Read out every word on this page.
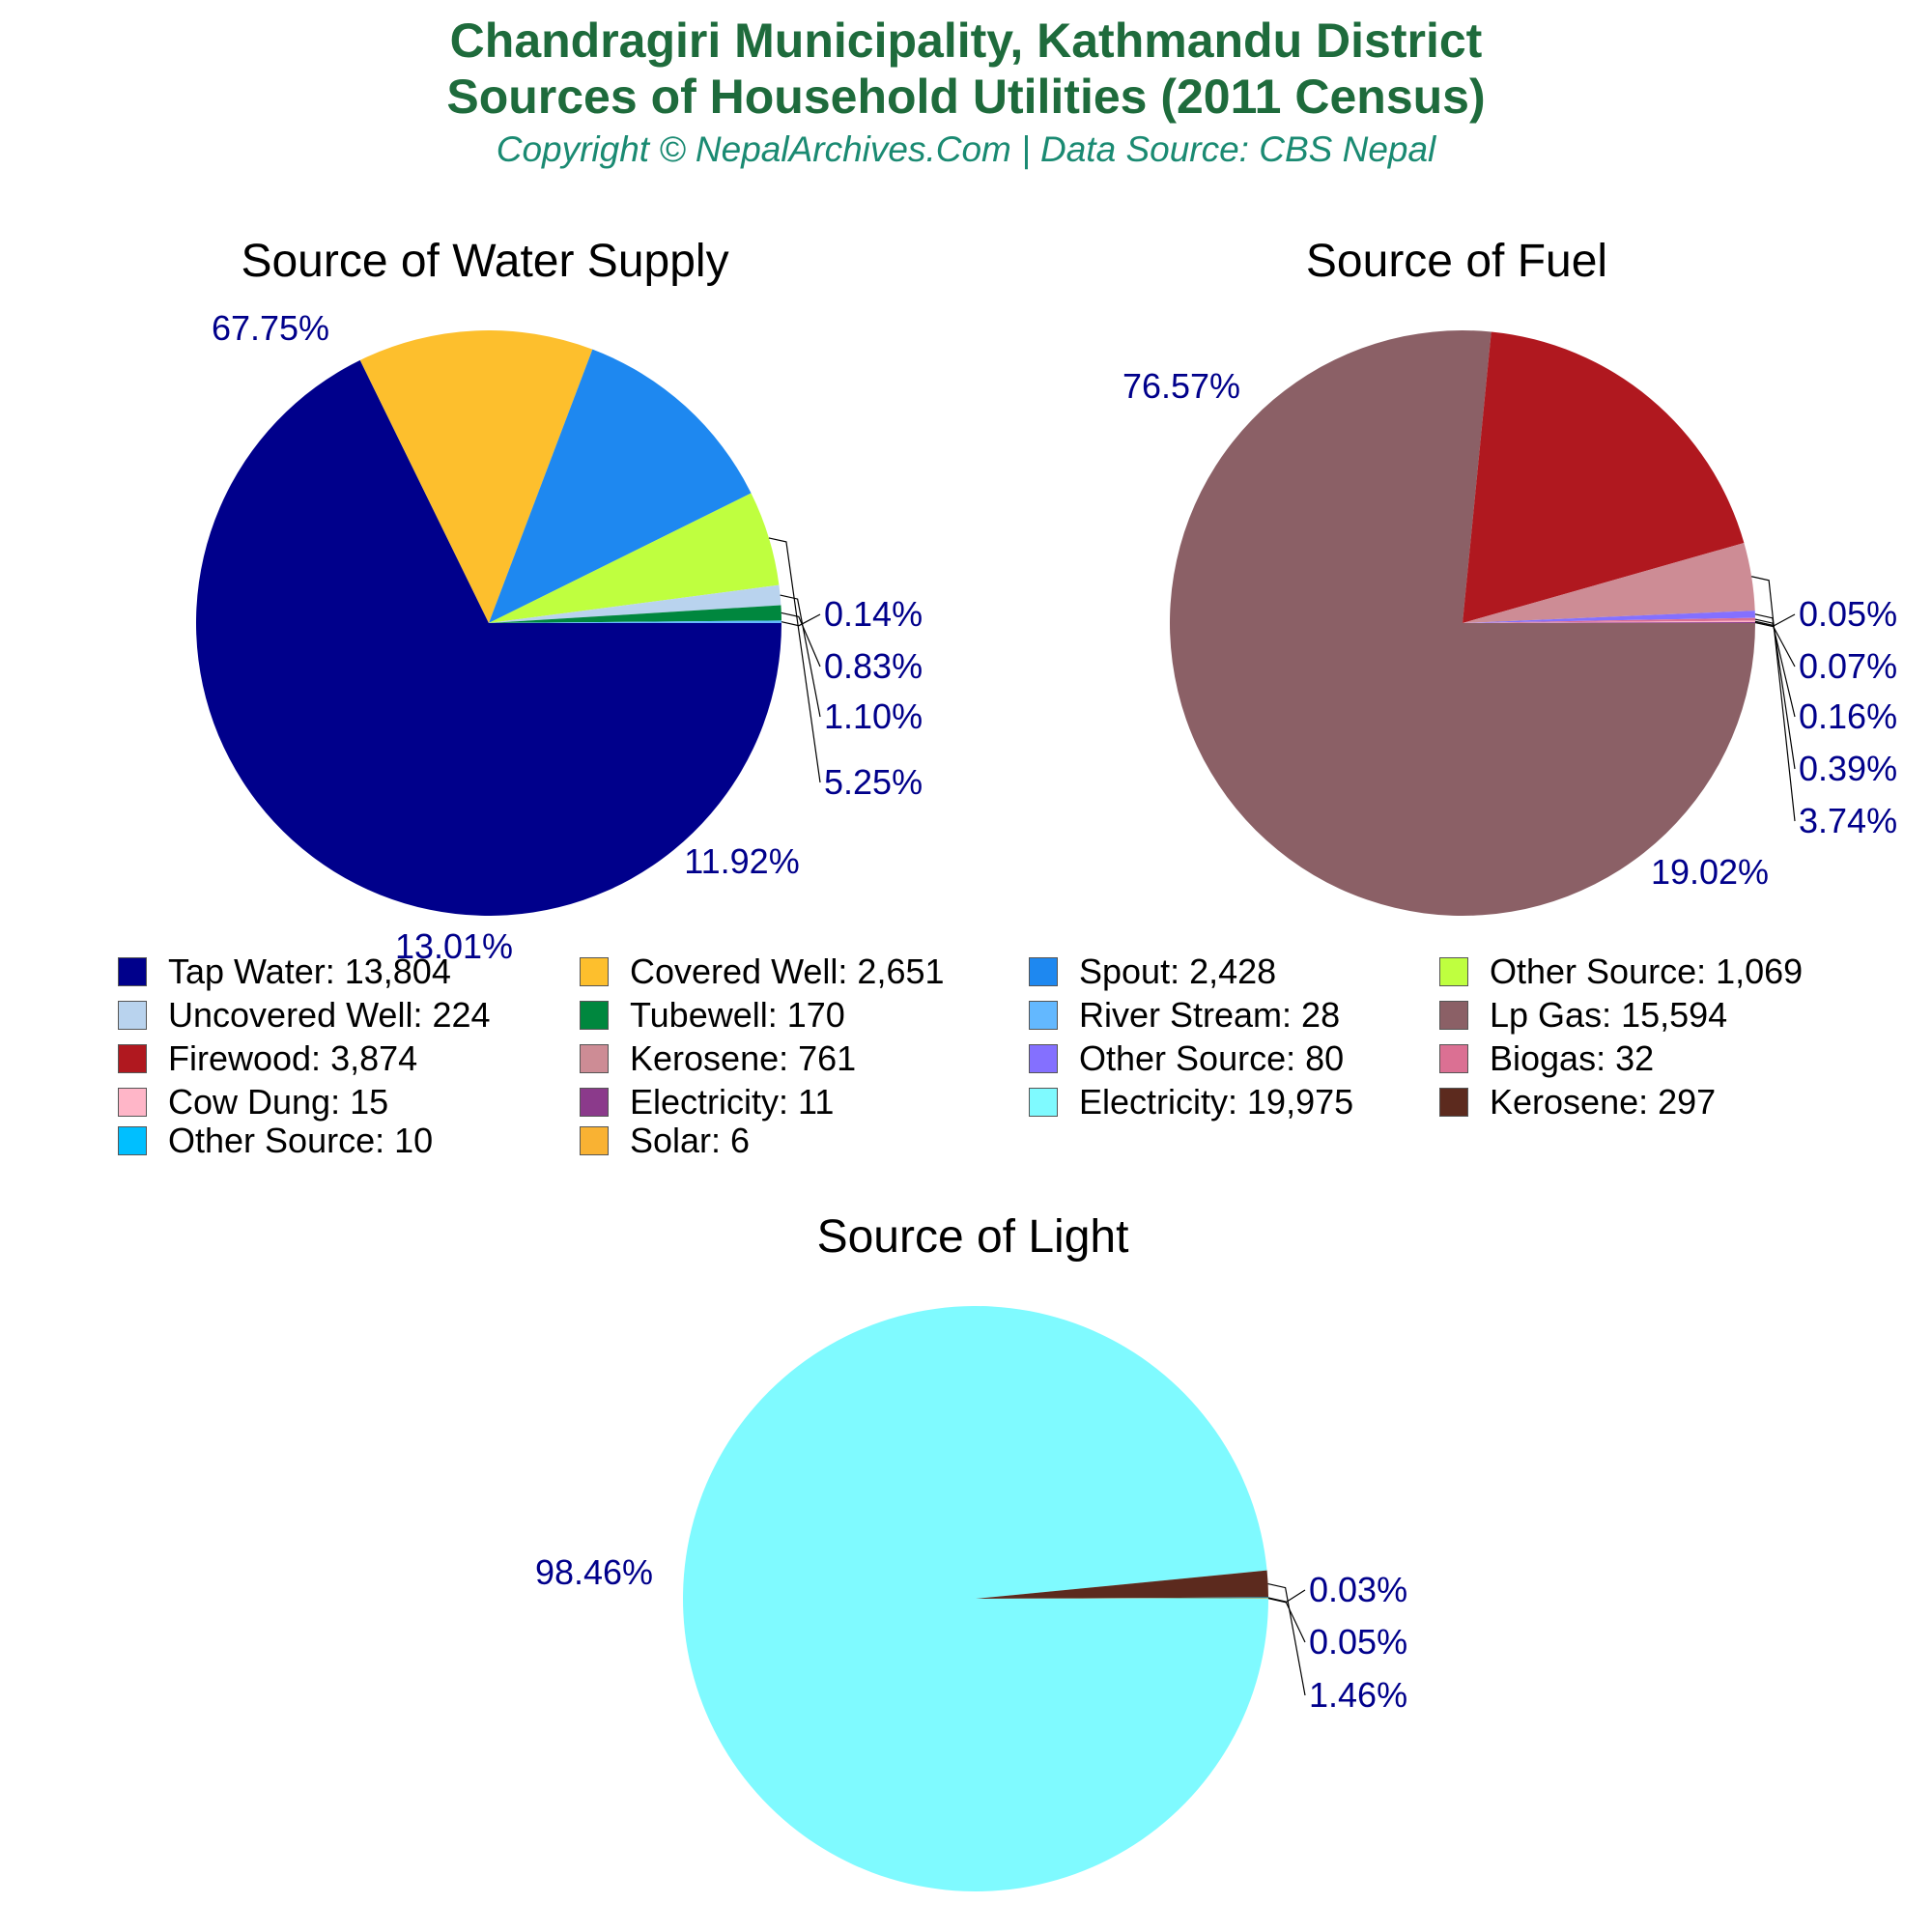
Chandragiri Municipality, Kathmandu District
Sources of Household Utilities (2011 Census)
Copyright © NepalArchives.Com | Data Source: CBS Nepal
Source of Water Supply	Source of Fuel
Source of Light
67.75%
13.01%
11.92%
5.25%
1.10%
0.83%
0.14%
76.57%
19.02%
3.74%
0.39%
0.16%
0.07%
0.05%
98.46%
1.46%
0.05%
0.03%
Tap Water: 13,804	Covered Well: 2,651	Spout: 2,428	Other Source: 1,069
Uncovered Well: 224	Tubewell: 170	River Stream: 28	Lp Gas: 15,594
Firewood: 3,874	Kerosene: 761	Other Source: 80	Biogas: 32
Cow Dung: 15	Electricity: 11	Electricity: 19,975	Kerosene: 297
Other Source: 10	Solar: 6
